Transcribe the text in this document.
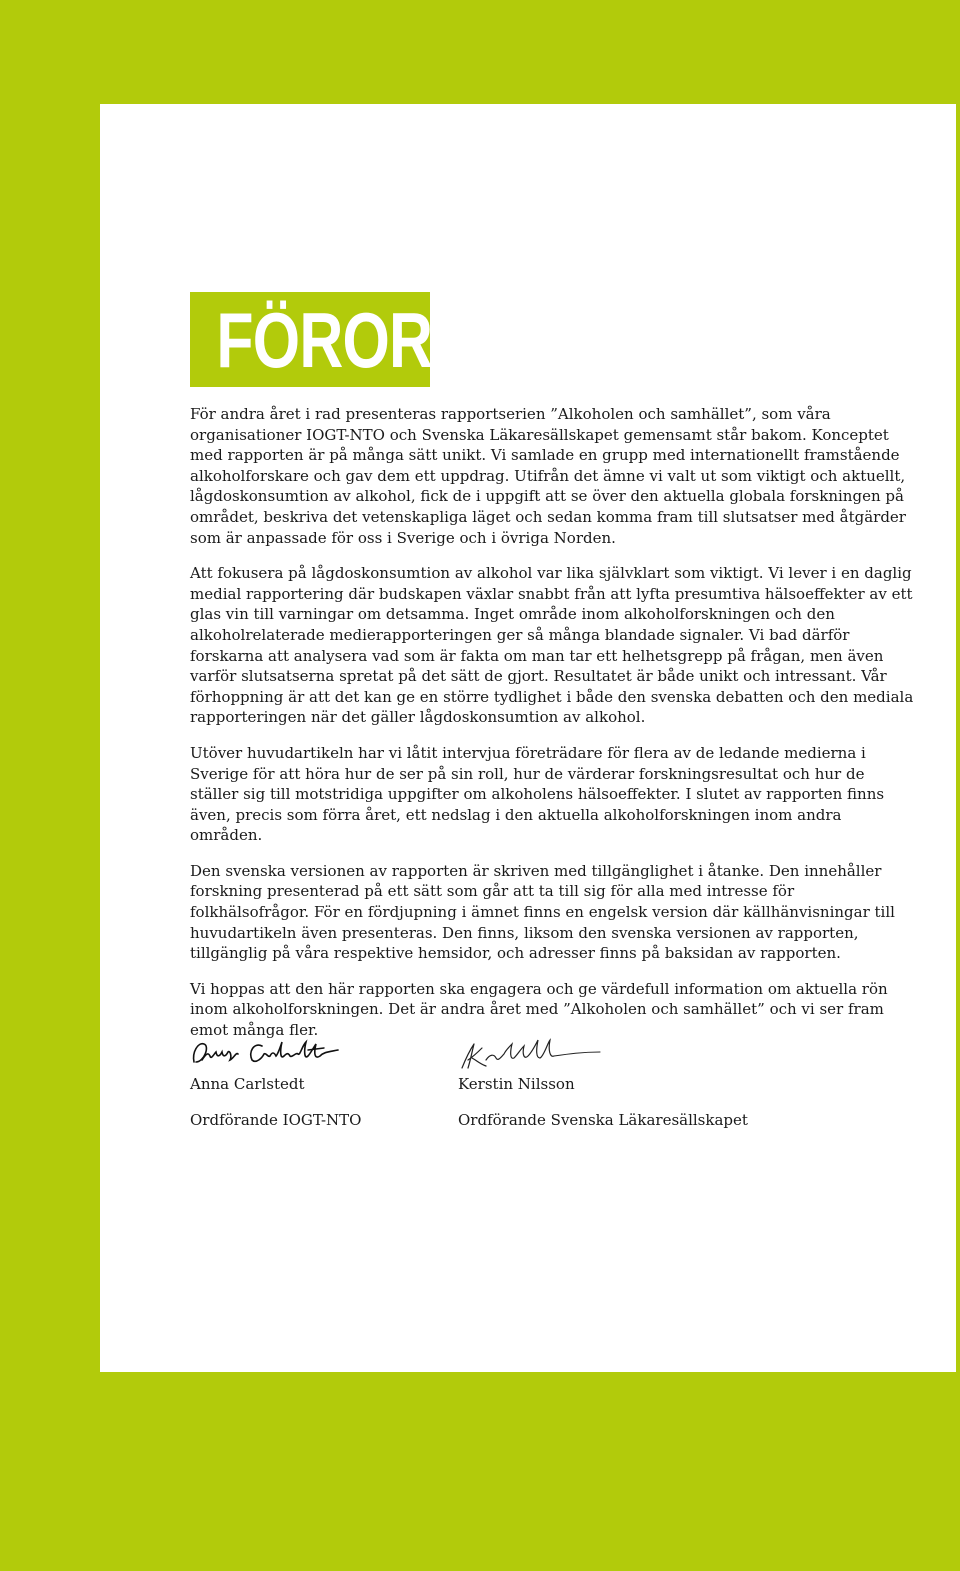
FÖRORD

För andra året i rad presenteras rapportserien ”Alkoholen och samhället”, som våra organisationer IOGT-NTO och Svenska Läkaresällskapet gemensamt står bakom. Konceptet med rapporten är på många sätt unikt. Vi samlade en grupp med internationellt framstående alkoholforskare och gav dem ett uppdrag. Utifrån det ämne vi valt ut som viktigt och aktuellt, lågdoskonsumtion av alkohol, fick de i uppgift att se över den aktuella globala forskningen på området, beskriva det vetenskapliga läget och sedan komma fram till slutsatser med åtgärder som är anpassade för oss i Sverige och i övriga Norden.

Att fokusera på lågdoskonsumtion av alkohol var lika självklart som viktigt. Vi lever i en daglig medial rapportering där budskapen växlar snabbt från att lyfta presumtiva hälsoeffekter av ett glas vin till varningar om detsamma. Inget område inom alkoholforskningen och den alkoholrelaterade medierapporteringen ger så många blandade signaler. Vi bad därför forskarna att analysera vad som är fakta om man tar ett helhetsgrepp på frågan, men även varför slutsatserna spretat på det sätt de gjort. Resultatet är både unikt och intressant. Vår förhoppning är att det kan ge en större tydlighet i både den svenska debatten och den mediala rapporteringen när det gäller lågdoskonsumtion av alkohol.

Utöver huvudartikeln har vi låtit intervjua företrädare för flera av de ledande medierna i Sverige för att höra hur de ser på sin roll, hur de värderar forskningsresultat och hur de ställer sig till motstridiga uppgifter om alkoholens hälsoeffekter. I slutet av rapporten finns även, precis som förra året, ett nedslag i den aktuella alkoholforskningen inom andra områden.

Den svenska versionen av rapporten är skriven med tillgänglighet i åtanke. Den innehåller forskning presenterad på ett sätt som går att ta till sig för alla med intresse för folkhälsofrågor. För en fördjupning i ämnet finns en engelsk version där källhänvisningar till huvudartikeln även presenteras. Den finns, liksom den svenska versionen av rapporten, tillgänglig på våra respektive hemsidor, och adresser finns på baksidan av rapporten.

Vi hoppas att den här rapporten ska engagera och ge värdefull information om aktuella rön inom alkoholforskningen. Det är andra året med ”Alkoholen och samhället” och vi ser fram emot många fler.

Anna Carlstedt
Ordförande IOGT-NTO
Kerstin Nilsson
Ordförande Svenska Läkaresällskapet
